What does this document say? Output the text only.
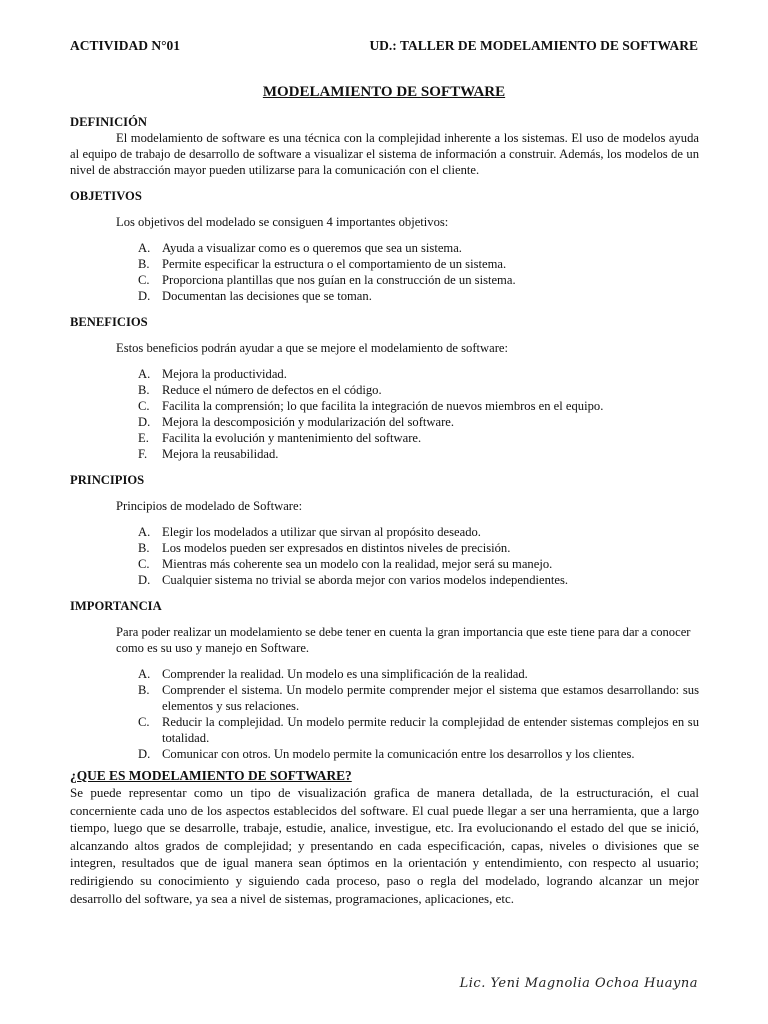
ACTIVIDAD N°01	UD.: TALLER DE MODELAMIENTO DE SOFTWARE
MODELAMIENTO DE SOFTWARE

DEFINICIÓN

El modelamiento de software es una técnica con la complejidad inherente a los sistemas. El uso de modelos ayuda al equipo de trabajo de desarrollo de software a visualizar el sistema de información a construir. Además, los modelos de un nivel de abstracción mayor pueden utilizarse para la comunicación con el cliente.

OBJETIVOS

Los objetivos del modelado se consiguen 4 importantes objetivos:

A. Ayuda a visualizar como es o queremos que sea un sistema.
B. Permite especificar la estructura o el comportamiento de un sistema.
C. Proporciona plantillas que nos guían en la construcción de un sistema.
D. Documentan las decisiones que se toman.

BENEFICIOS

Estos beneficios podrán ayudar a que se mejore el modelamiento de software:

A. Mejora la productividad.
B. Reduce el número de defectos en el código.
C. Facilita la comprensión; lo que facilita la integración de nuevos miembros en el equipo.
D. Mejora la descomposición y modularización del software.
E. Facilita la evolución y mantenimiento del software.
F. Mejora la reusabilidad.

PRINCIPIOS

Principios de modelado de Software:

A. Elegir los modelados a utilizar que sirvan al propósito deseado.
B. Los modelos pueden ser expresados en distintos niveles de precisión.
C. Mientras más coherente sea un modelo con la realidad, mejor será su manejo.
D. Cualquier sistema no trivial se aborda mejor con varios modelos independientes.

IMPORTANCIA

Para poder realizar un modelamiento se debe tener en cuenta la gran importancia que este tiene para dar a conocer como es su uso y manejo en Software.

A. Comprender la realidad. Un modelo es una simplificación de la realidad.
B. Comprender el sistema. Un modelo permite comprender mejor el sistema que estamos desarrollando: sus elementos y sus relaciones.
C. Reducir la complejidad. Un modelo permite reducir la complejidad de entender sistemas complejos en su totalidad.
D. Comunicar con otros. Un modelo permite la comunicación entre los desarrollos y los clientes.

¿QUE ES MODELAMIENTO DE SOFTWARE?

Se puede representar como un tipo de visualización grafica de manera detallada, de la estructuración, el cual concerniente cada uno de los aspectos establecidos del software. El cual puede llegar a ser una herramienta, que a largo tiempo, luego que se desarrolle, trabaje, estudie, analice, investigue, etc. Ira evolucionando el estado del que se inició, alcanzando altos grados de complejidad; y presentando en cada especificación, capas, niveles o divisiones que se integren, resultados que de igual manera sean óptimos en la orientación y entendimiento, con respecto al usuario; redirigiendo su conocimiento y siguiendo cada proceso, paso o regla del modelado, logrando alcanzar un mejor desarrollo del software, ya sea a nivel de sistemas, programaciones, aplicaciones, etc.

Lic. Yeni Magnolia Ochoa Huayna
